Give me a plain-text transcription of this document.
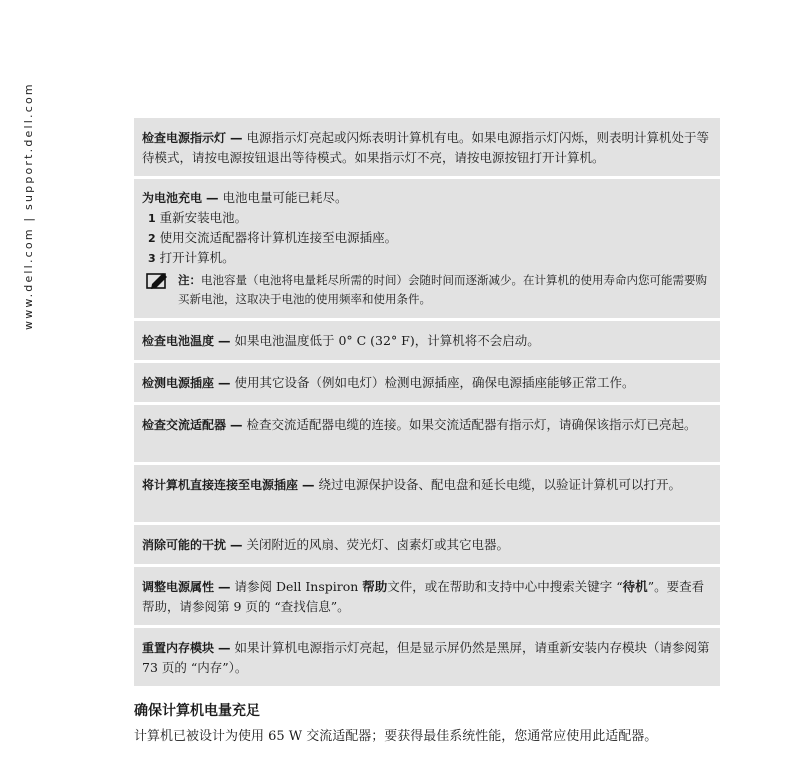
www.dell.com | support.dell.com	检查电源指示灯 — 电源指示灯亮起或闪烁表明计算机有电。如果电源指示灯闪烁，则表明计算机处于等待模式，请按电源按钮退出等待模式。如果指示灯不亮，请按电源按钮打开计算机。
为电池充电 — 电池电量可能已耗尽。
1 重新安装电池。
2 使用交流适配器将计算机连接至电源插座。
3 打开计算机。
注：电池容量（电池将电量耗尽所需的时间）会随时间而逐渐减少。在计算机的使用寿命内您可能需要购买新电池，这取决于电池的使用频率和使用条件。
检查电池温度 — 如果电池温度低于 0° C (32° F)，计算机将不会启动。
检测电源插座 — 使用其它设备（例如电灯）检测电源插座，确保电源插座能够正常工作。
检查交流适配器 — 检查交流适配器电缆的连接。如果交流适配器有指示灯，请确保该指示灯已亮起。
将计算机直接连接至电源插座 — 绕过电源保护设备、配电盘和延长电缆，以验证计算机可以打开。
消除可能的干扰 — 关闭附近的风扇、荧光灯、卤素灯或其它电器。
调整电源属性 — 请参阅 Dell Inspiron 帮助文件，或在帮助和支持中心中搜索关键字 “待机”。要查看帮助，请参阅第 9 页的 “查找信息”。
重置内存模块 — 如果计算机电源指示灯亮起，但是显示屏仍然是黑屏，请重新安装内存模块（请参阅第 73 页的 “内存”）。
确保计算机电量充足
计算机已被设计为使用 65 W 交流适配器；要获得最佳系统性能，您通常应使用此适配器。
